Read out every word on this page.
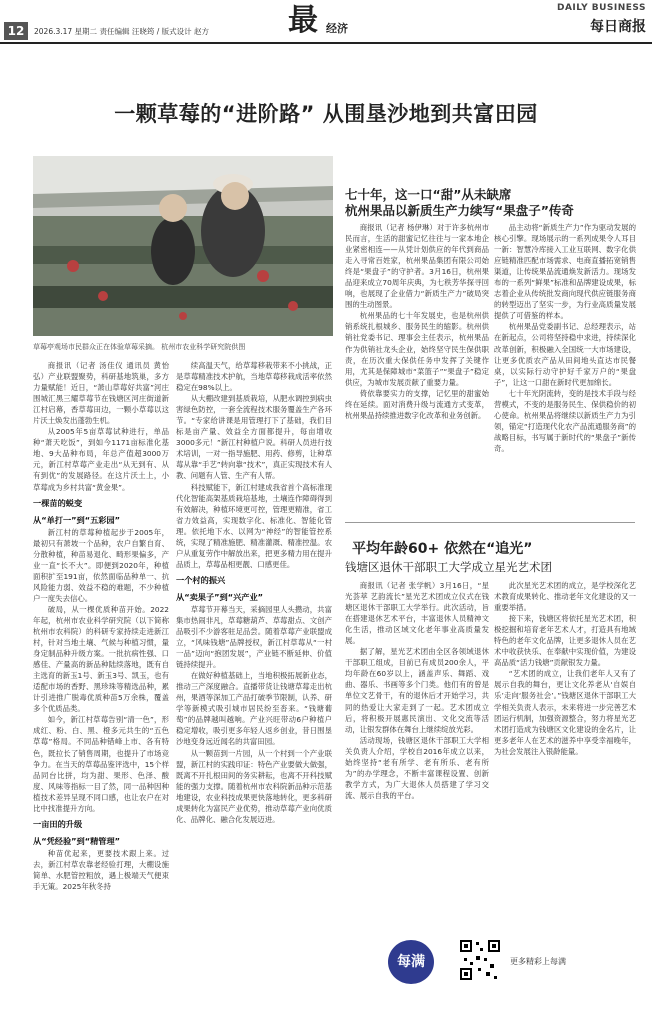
12	2026.3.17 星期二 责任编辑 汪晓筠 / 版式设计 赵方	最 经济
DAILY BUSINESS
每日商报
一颗草莓的“进阶路” 从围垦沙地到共富田园
草莓亭观场市民群众正在体验草莓采摘。 杭州市农业科学研究院供图

商报讯（记者 汤佳仪 通讯员 黄怡弘）产业联盟聚势，科研基地筑巢，多方力量赋能！近日，“萧山草莓好共富”河庄围城汇黑三耀草莓节在钱塘区河庄街道新江村启幕，香草莓田边，一颗小草莓以这片沃土焕发出蓬勃生机。

从2005年5亩草莓试种进行，单品种“萧天吃饭”，到如今1171亩标准化基地、9大品种布局，年总产值超3000万元，新江村草莓产业走出“从无到有、从有到优”的发展路径。在这片沃土上，小草莓成为乡村共富“黄金果”。

一棵苗的蜕变
从“单打一”到“五彩园”

新江村的草莓种植起步于2005年，最初只有萧坡一个品种，农户自繁自育、分散种植，种苗易退化、畸形果偏多，产业一直“长不大”。即便到2020年，种植面积扩至191亩，依然面临品种单一、抗风险能力弱、效益不稳的难题，不少种植户一度失去信心。

破局，从一棵优质种苗开始。2022年起，杭州市农业科学研究院（以下简称杭州市农科院）的科研专家持续走进新江村，针对当地土壤、气候与种植习惯，量身定制品种升级方案。一批抗病性强、口感佳、产量高的新品种陆续落地，既有自主选育的新玉1号、新玉3号、凯玉，也有适配市场的香野、黑珍珠等精选品种，累计引进推广脱毒优质种苗5万余株，覆盖多个优质品类。

如今，新江村草莓告别“清一色”，形成红、粉、白、黑、橙多元共生的“五色草莓”格局。不同品种错峰上市、各有特色，既拉长了销售周期，也提升了市场竞争力。在当天的草莓品鉴评选中，15个样品同台比拼，均为甜、果形、色泽、酸度、风味等指标一目了然，同一品种因种植技术差异呈现不同口感，也让农户在对比中找准提升方向。

一亩田的升级
从“凭经验”到“精管理”

种苗优起来，更要技术跟上来。过去，新江村草农靠老经验打理，大棚设施简单、水肥管控粗放，遇上极端天气便束手无策。2025年秋冬持

续高温天气，给草莓移栽带来不小挑战，正是草莓精准技术护航，当地草莓移栽成活率依然稳定在98%以上。

从大棚改建到基质栽培，从肥水调控到病虫害绿色防控，一套全流程技术服务覆盖生产各环节。“专家给讲课是用管理打下了基础，我们目标是亩产量、效益全方面都提升，每亩增收3000多元！”新江村种植户说。科研人员进行技术培训，一对一指导施肥、用药、修剪，让种草莓从靠“手艺”转向靠“技术”，真正实现技术有人教、问题有人管、生产有人帮。

科技赋能下，新江村建成我省首个高标准现代化智能高架基质栽培基地，土壤连作障碍得到有效解决，种植环境更可控，管理更精准，省工省力效益高，实现数字化、标准化、智能化管理。依托地下水、以网为“神经”的智能管控系统，实现了精准施肥、精准灌溉、精准控温。农户从重复劳作中解放出来，把更多精力用在提升品质上，草莓品相更靓、口感更佳。

一个村的振兴
从“卖果子”到“兴产业”

草莓节开幕当天，采摘园里人头攒动，共富集市热闹非凡，草莓糖葫芦、草莓甜点、文创产品吸引不少游客驻足品尝。随着草莓产业联盟成立，“风味钱塘”品牌授权，新江村草莓从“一村一品”迈向“抱团发展”，产业链不断延伸、价值链持续提升。

在做好种植基础上，当地积极拓展新业态，推动三产深度融合。直播带货让钱塘草莓走出杭州，果酒等深加工产品打破季节限制，认养、研学等新模式吸引城市居民纷至沓来。“钱塘葡萄”的品牌越叫越响。产业兴旺带动6户种植户稳定增收，吸引更多年轻人返乡创业，昔日围垦沙地变身远近闻名的共富田园。

从一颗苗到一片园，从一个村到一个产业联盟，新江村的实践印证：特色产业要做大做强，既离不开扎根田间的务实耕耘，也离不开科技赋能的强力支撑。随着杭州市农科院新品种示范基地建设，农业科技成果更快落地转化，更多科研成果转化为富民产业优势，推动草莓产业向优质化、品牌化、融合化发展迈进。

七十年，这一口“甜”从未缺席
杭州果品以新质生产力续写“果盘子”传奇

商报讯（记者 杨伊琳）对于许多杭州市民而言，生活的甜蜜记忆往往与一家本地企业紧密相连——从凭计划供应的年代到商品走入寻常百姓家，杭州果品集团有限公司始终是“果盘子”的守护者。3月16日，杭州果品迎来成立70周年庆典，为七秩芳华探寻回响，也展现了企业借力“新质生产力”破局突围的生动图景。

杭州果品的七十年发展史，也是杭州供销系统扎根城乡、服务民生的缩影。杭州供销社党委书记、理事会主任表示，杭州果品作为供销社龙头企业，始终坚守民生保供职责，在历次重大保供任务中发挥了关键作用，尤其是保障城市“菜篮子”“果盘子”稳定供应，为城市发展贡献了重要力量。

倚依靠要实力的支撑，记忆里的甜蜜始终在延续。面对消费升级与流通方式变革，杭州果品持续推进数字化改革和业务创新。

品主动将“新质生产力”作为驱动发展的核心引擎。现场展示的一系列成果令人耳目一新：智慧冷库接入工业互联网、数字化供应链精准匹配市场需求、电商直播拓宽销售渠道，让传统果品流通焕发新活力。现场发布的一系列“鲜果”标准和品牌建设成果，标志着企业从传统批发商向现代供应链服务商的转型迈出了坚实一步，为行业高质量发展提供了可借鉴的样本。

杭州果品党委副书记、总经理表示，站在新起点，公司将坚持稳中求进，持续深化改革创新，积极融入全国统一大市场建设，让更多优质农产品从田间地头直达市民餐桌，以实际行动守护好千家万户的“果盘子”，让这一口甜在新时代更加绵长。

七十年光阴流转，变的是技术手段与经营模式，不变的是服务民生、保供稳价的初心使命。杭州果品将继续以新质生产力为引领，锚定“打造现代化农产品流通服务商”的战略目标，书写属于新时代的“果盘子”新传奇。

平均年龄60+ 依然在“追光”
钱塘区退休干部职工大学成立星光艺术团

商报讯（记者 张学帆）3月16日，“星光荟萃 艺韵流长”星光艺术团成立仪式在钱塘区退休干部职工大学举行。此次活动，旨在搭建退休艺术平台，丰富退休人员精神文化生活，推动区域文化老年事业高质量发展。

据了解，星光艺术团由全区各领域退休干部职工组成，目前已有成员200余人，平均年龄在60岁以上，涵盖声乐、舞蹈、戏曲、器乐、书画等多个门类。他们有的曾是单位文艺骨干，有的退休后才开始学习，共同的热爱让大家走到了一起。艺术团成立后，将积极开展惠民演出、文化交流等活动，让银发群体在舞台上继续绽放光彩。

活动现场，钱塘区退休干部职工大学相关负责人介绍，学校自2016年成立以来，始终坚持“老有所学、老有所乐、老有所为”的办学理念，不断丰富课程设置、创新教学方式，为广大退休人员搭建了学习交流、展示自我的平台。

此次星光艺术团的成立，是学校深化艺术教育成果转化、推动老年文化建设的又一重要举措。

接下来，钱塘区将依托星光艺术团，积极挖掘和培育老年艺术人才，打造具有地域特色的老年文化品牌，让更多退休人员在艺术中收获快乐、在奉献中实现价值，为建设高品质“活力钱塘”贡献银发力量。

“艺术团的成立，让我们老年人又有了展示自我的舞台，更让文化养老从‘自娱自乐’走向‘服务社会’。”钱塘区退休干部职工大学相关负责人表示，未来将进一步完善艺术团运行机制，加强资源整合，努力将星光艺术团打造成为钱塘区文化建设的金名片，让更多老年人在艺术的滋养中享受幸福晚年，为社会发展注入银龄能量。

每满	更多精彩上每满
